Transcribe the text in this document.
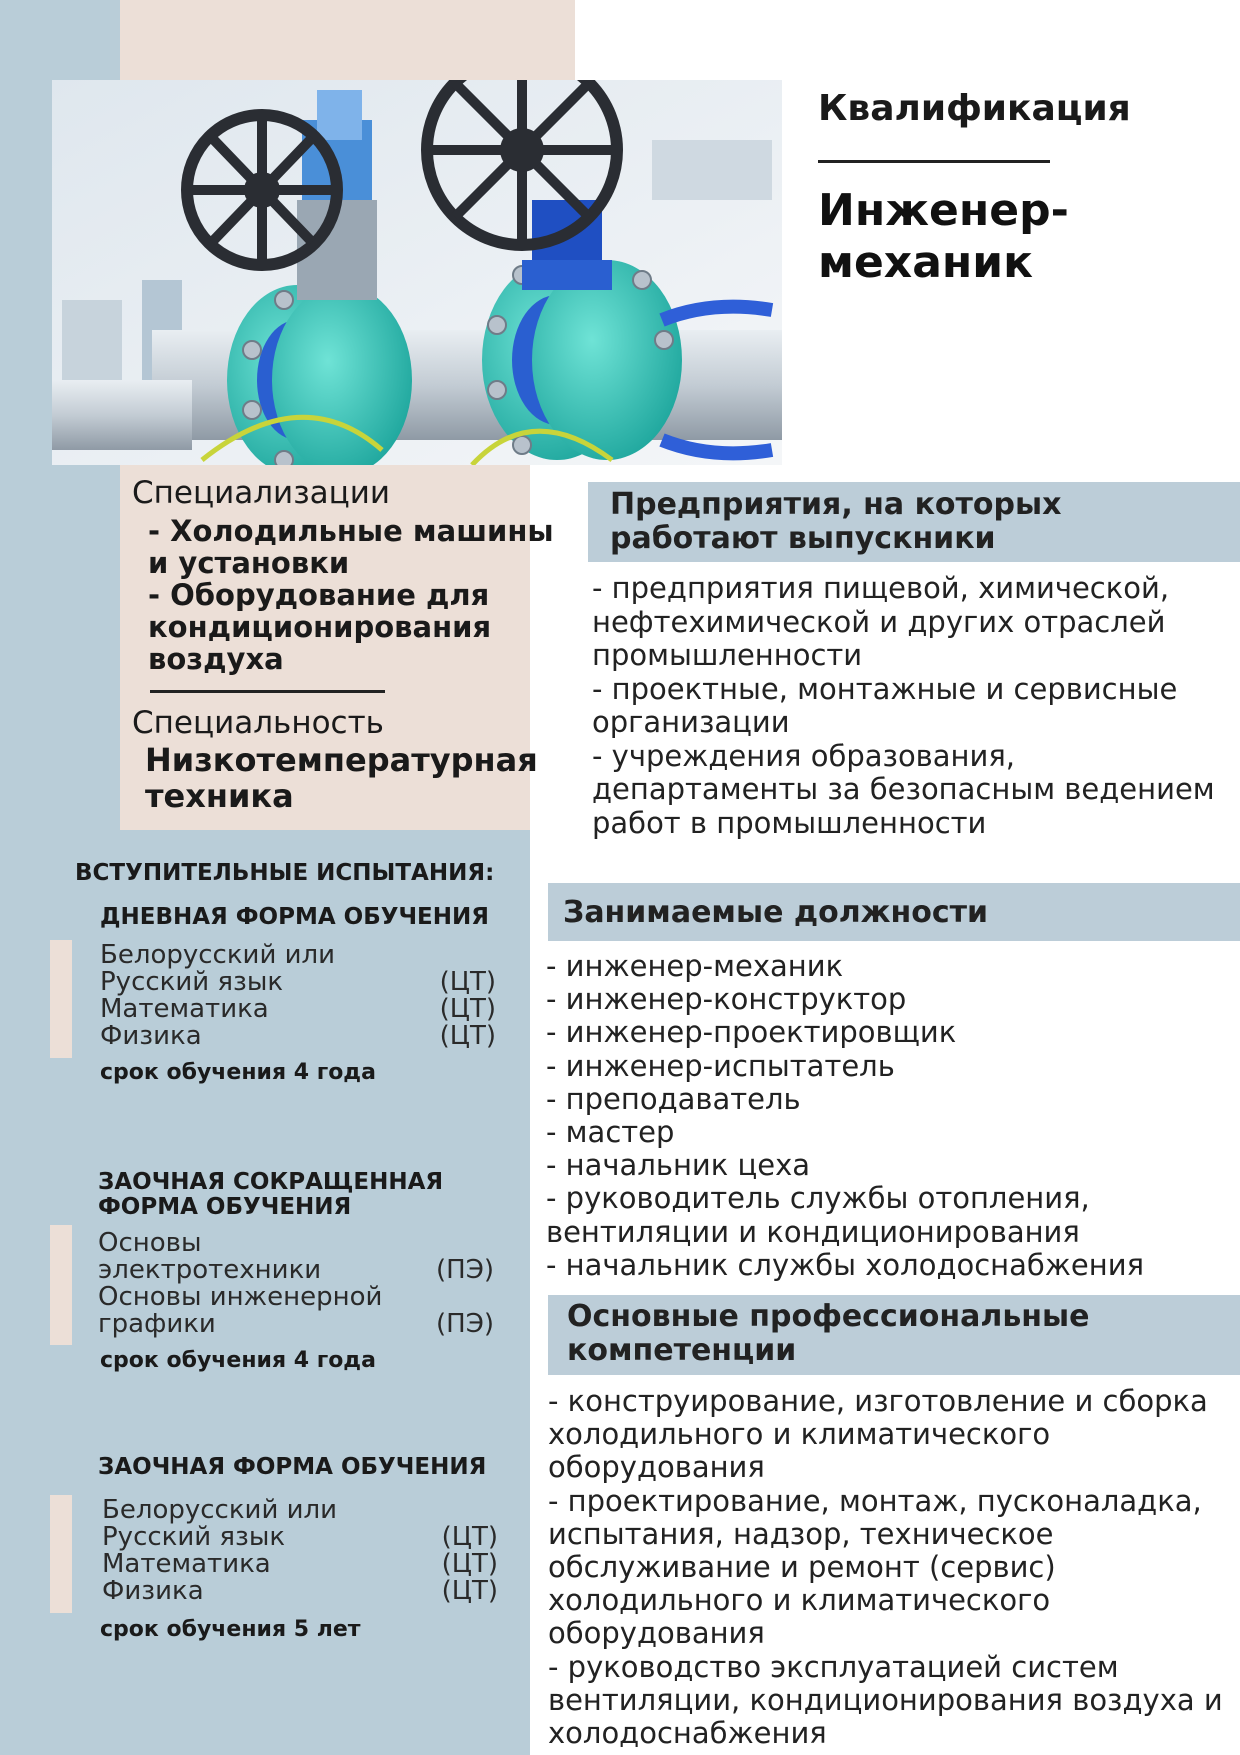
Квалификация
Инженер-механик
Специализации
- Холодильные машины и установки
- Оборудование для кондиционирования воздуха
Специальность
Низкотемпературная техника
Предприятия, на которых работают выпускники
- предприятия пищевой, химической, нефтехимической и других отраслей промышленности
- проектные, монтажные и сервисные организации
- учреждения образования, департаменты за безопасным ведением работ в промышленности
Занимаемые должности
- инженер-механик
- инженер-конструктор
- инженер-проектировщик
- инженер-испытатель
- преподаватель
- мастер
- начальник цеха
- руководитель службы отопления, вентиляции и кондиционирования
- начальник службы холодоснабжения
Основные профессиональные компетенции
- конструирование, изготовление и сборка холодильного и климатического оборудования
- проектирование, монтаж, пусконаладка, испытания, надзор, техническое обслуживание и ремонт (сервис) холодильного и климатического оборудования
- руководство эксплуатацией систем вентиляции, кондиционирования воздуха и холодоснабжения
ВСТУПИТЕЛЬНЫЕ ИСПЫТАНИЯ:
ДНЕВНАЯ ФОРМА ОБУЧЕНИЯ
Белорусский или
Русский язык	(ЦТ)
Математика	(ЦТ)
Физика	(ЦТ)
срок обучения 4 года
ЗАОЧНАЯ СОКРАЩЕННАЯ ФОРМА ОБУЧЕНИЯ
Основы
электротехники	(ПЭ)
Основы инженерной
графики	(ПЭ)
срок обучения 4 года
ЗАОЧНАЯ ФОРМА ОБУЧЕНИЯ
Белорусский или
Русский язык	(ЦТ)
Математика	(ЦТ)
Физика	(ЦТ)
срок обучения 5 лет
